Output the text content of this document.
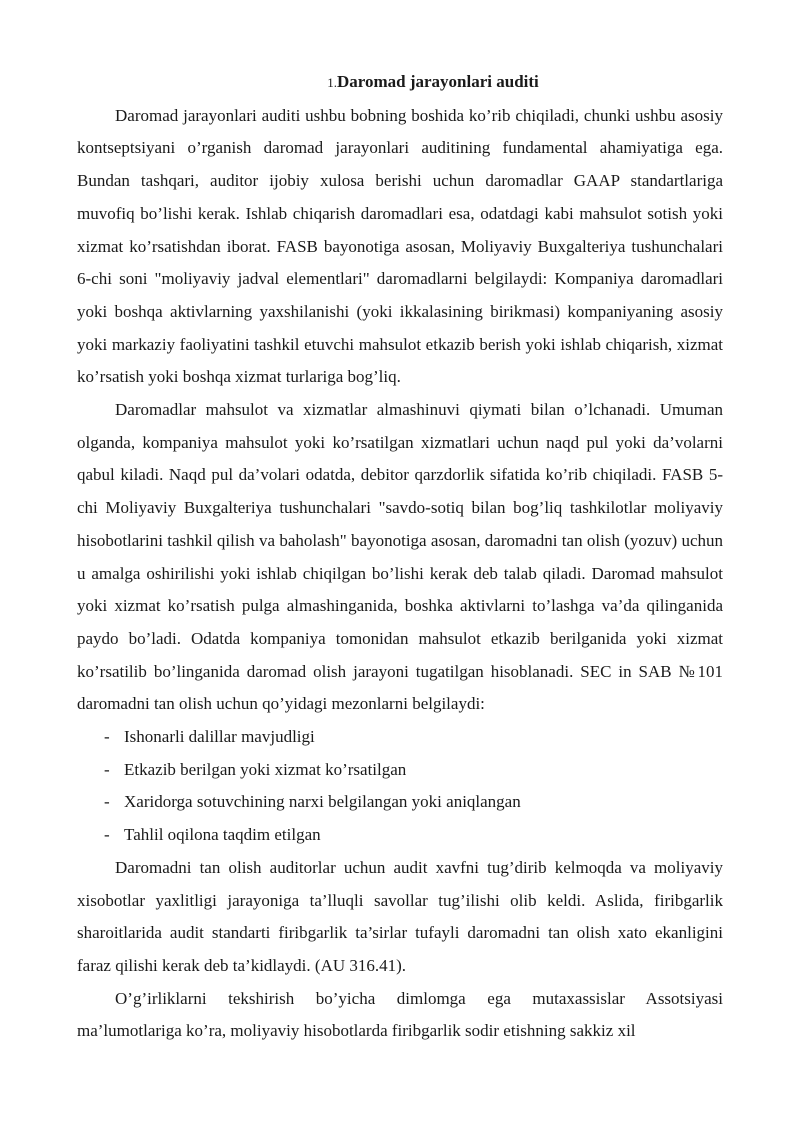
1.Daromad jarayonlari auditi

Daromad jarayonlari auditi ushbu bobning boshida ko’rib chiqiladi, chunki ushbu asosiy kontseptsiyani o’rganish daromad jarayonlari auditining fundamental ahamiyatiga ega. Bundan tashqari, auditor ijobiy xulosa berishi uchun daromadlar GAAP standartlariga muvofiq bo’lishi kerak. Ishlab chiqarish daromadlari esa, odatdagi kabi mahsulot sotish yoki xizmat ko’rsatishdan iborat. FASB bayonotiga asosan, Moliyaviy Buxgalteriya tushunchalari 6-chi soni "moliyaviy jadval elementlari" daromadlarni belgilaydi: Kompaniya daromadlari yoki boshqa aktivlarning yaxshilanishi (yoki ikkalasining birikmasi) kompaniyaning asosiy yoki markaziy faoliyatini tashkil etuvchi mahsulot etkazib berish yoki ishlab chiqarish, xizmat ko’rsatish yoki boshqa xizmat turlariga bog’liq.

Daromadlar mahsulot va xizmatlar almashinuvi qiymati bilan o’lchanadi. Umuman olganda, kompaniya mahsulot yoki ko’rsatilgan xizmatlari uchun naqd pul yoki da’volarni qabul kiladi. Naqd pul da’volari odatda, debitor qarzdorlik sifatida ko’rib chiqiladi. FASB 5-chi Moliyaviy Buxgalteriya tushunchalari "savdo-sotiq bilan bog’liq tashkilotlar moliyaviy hisobotlarini tashkil qilish va baholash" bayonotiga asosan, daromadni tan olish (yozuv) uchun u amalga oshirilishi yoki ishlab chiqilgan bo’lishi kerak deb talab qiladi. Daromad mahsulot yoki xizmat ko’rsatish pulga almashinganida, boshka aktivlarni to’lashga va’da qilinganida paydo bo’ladi. Odatda kompaniya tomonidan mahsulot etkazib berilganida yoki xizmat ko’rsatilib bo’linganida daromad olish jarayoni tugatilgan hisoblanadi. SEC in SAB №101 daromadni tan olish uchun qo’yidagi mezonlarni belgilaydi:

- Ishonarli dalillar mavjudligi
- Etkazib berilgan yoki xizmat ko’rsatilgan
- Xaridorga sotuvchining narxi belgilangan yoki aniqlangan
- Tahlil oqilona taqdim etilgan

Daromadni tan olish auditorlar uchun audit xavfni tug’dirib kelmoqda va moliyaviy xisobotlar yaxlitligi jarayoniga ta’lluqli savollar tug’ilishi olib keldi. Aslida, firibgarlik sharoitlarida audit standarti firibgarlik ta’sirlar tufayli daromadni tan olish xato ekanligini faraz qilishi kerak deb ta’kidlaydi. (AU 316.41).

O’g’irliklarni tekshirish bo’yicha dimlomga ega mutaxassislar Assotsiyasi ma’lumotlariga ko’ra, moliyaviy hisobotlarda firibgarlik sodir etishning sakkiz xil
